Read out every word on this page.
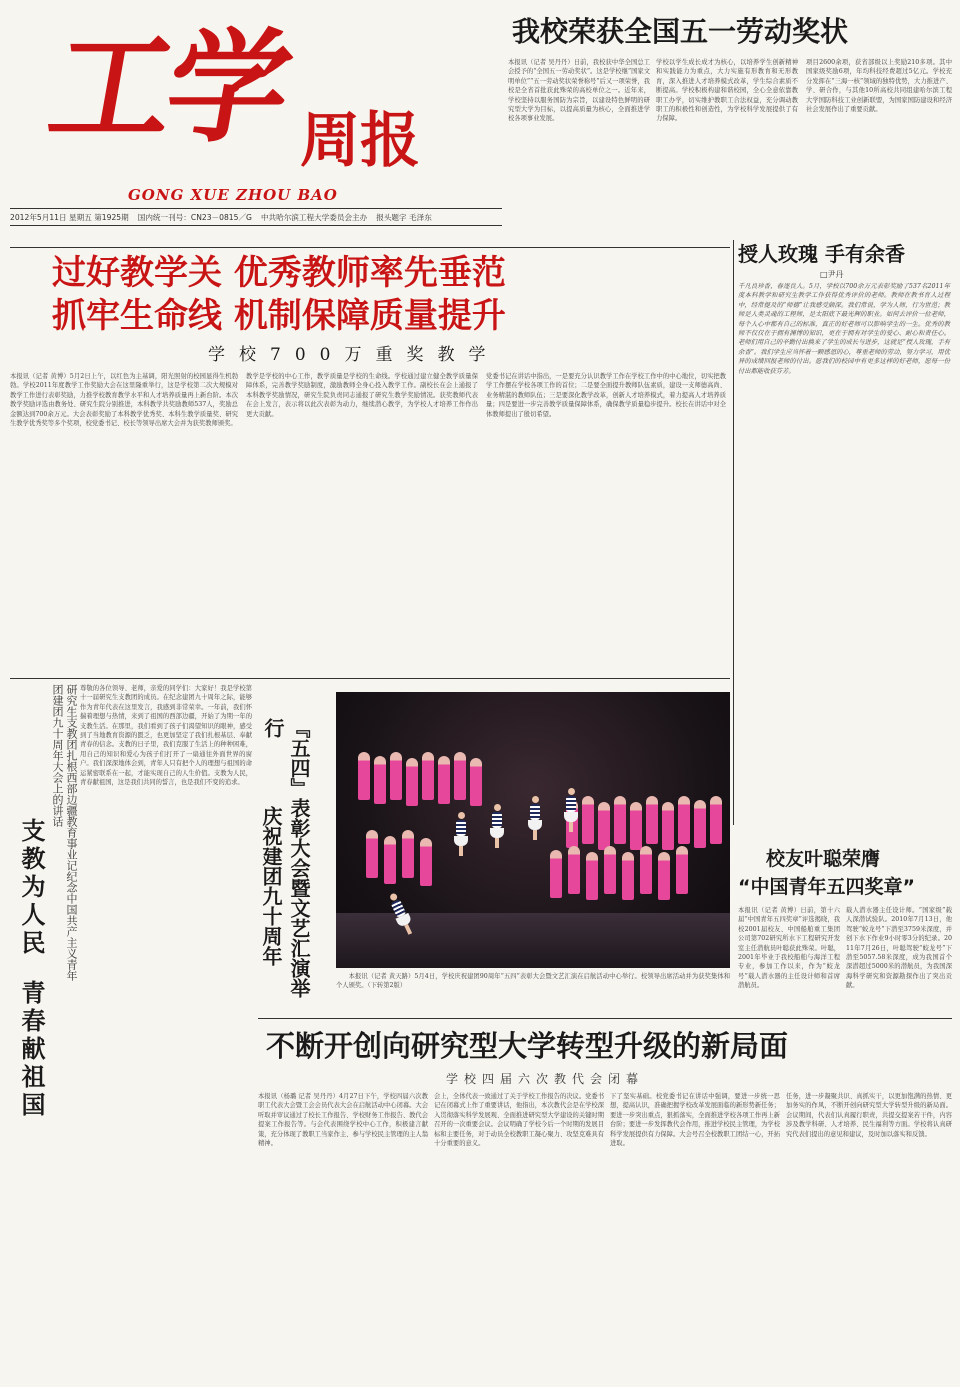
工学 周报
GONG XUE ZHOU BAO
2012年5月11日 星期五 第1925期 国内统一刊号：CN23－0815／G 中共哈尔滨工程大学委员会主办 报头题字 毛泽东
我校荣获全国五一劳动奖状
本报讯（记者 吴丹丹）日前，我校获中华全国总工会授予的“全国五一劳动奖状”。这是学校继“国家文明单位”“五一劳动奖状荣誉称号”后又一项荣誉，我校是全省首批获此殊荣的高校单位之一。近年来，学校坚持以服务国防为宗旨，以建设特色鲜明的研究型大学为目标，以提高质量为核心，全面推进学校各项事业发展。
学校以学生成长成才为核心，以培养学生创新精神和实践能力为重点，大力实施有形教育和无形教育，深入推进人才培养模式改革，学生综合素质不断提高。学校积极构建和谐校园，全心全意依靠教职工办学，切实维护教职工合法权益，充分调动教职工的积极性和创造性，为学校科学发展提供了有力保障。
项目2600余项，获省部级以上奖励210多项。其中国家级奖励6项，年均科技经费超过5亿元。学校充分发挥在“三海一核”领域的独特优势，大力推进产、学、研合作，与其他10所高校共同组建哈尔滨工程大学国防科技工业创新联盟，为国家国防建设和经济社会发展作出了重要贡献。
过好教学关 优秀教师率先垂范
抓牢生命线 机制保障质量提升
学校700万重奖教学
本报讯（记者 黄博）5月2日上午，以红色为主基调，阳光照射的校园显得生机勃勃。学校2011年度教学工作奖励大会在这里隆重举行，这是学校第二次大规模对教学工作进行表彰奖励，力推学校教育教学水平和人才培养质量再上新台阶。本次教学奖励评选由教务处、研究生院分别推进，本科教学共奖励教师537人，奖励总金额达到700余万元。大会表彰奖励了本科教学优秀奖、本科生教学质量奖、研究生教学优秀奖等多个奖项，校党委书记、校长等领导出席大会并为获奖教师颁奖。
教学是学校的中心工作，教学质量是学校的生命线。学校通过建立健全教学质量保障体系，完善教学奖励制度，激励教师全身心投入教学工作。副校长在会上通报了本科教学奖励情况，研究生院负责同志通报了研究生教学奖励情况。获奖教师代表在会上发言，表示将以此次表彰为动力，继续潜心教学，为学校人才培养工作作出更大贡献。
党委书记在讲话中指出，一是要充分认识教学工作在学校工作中的中心地位，切实把教学工作摆在学校各项工作的首位；二是要全面提升教师队伍素质，建设一支师德高尚、业务精湛的教师队伍；三是要深化教学改革，创新人才培养模式，着力提高人才培养质量；四是要进一步完善教学质量保障体系，确保教学质量稳步提升。校长在讲话中对全体教师提出了殷切希望。
授人玫瑰 手有余香
□尹丹
千凡良珍香，春逐良人。5月，学校以700余万元表彰奖励了537名2011年度本科教学和研究生教学工作获得优秀评价的老师。教师在教书育人过程中，经常提及的“师德”让我感受颇深。我们常说，学为人师，行为世范；教师是人类灵魂的工程师，是太阳底下最光辉的职业。如何去评价一位老师，每个人心中都有自己的标准，真正的好老师可以影响学生的一生。优秀的教师不仅仅在于拥有渊博的知识，更在于拥有对学生的爱心、耐心和责任心。老师们用自己的辛勤付出换来了学生的成长与进步，这就是“授人玫瑰，手有余香”。我们学生应当怀着一颗感恩的心，尊重老师的劳动，努力学习，用优异的成绩回报老师的付出。愿我们的校园中有更多这样的好老师，愿每一份付出都能收获芬芳。
研究生支教团扎根西部边疆教育事业记纪念中国共产主义青年团建团九十周年大会上的讲话
支教为人民
青春献祖国
尊敬的各位领导、老师，亲爱的同学们：大家好！我是学校第十一届研究生支教团的成员。在纪念建团九十周年之际，能够作为青年代表在这里发言，我感到非常荣幸。一年前，我们怀揣着理想与热情，来到了祖国的西部边疆，开始了为期一年的支教生活。在那里，我们看到了孩子们渴望知识的眼神，感受到了当地教育资源的匮乏，也更加坚定了我们扎根基层、奉献青春的信念。支教的日子里，我们克服了生活上的种种困难，用自己的知识和爱心为孩子们打开了一扇通往外面世界的窗户。我们深深地体会到，青年人只有把个人的理想与祖国的命运紧密联系在一起，才能实现自己的人生价值。支教为人民，青春献祖国，这是我们共同的誓言，也是我们不变的追求。	『五四』表彰大会暨文艺汇演举行
庆祝建团九十周年
本报讯（记者 黄天路）5月4日，学校庆祝建团90周年“五四”表彰大会暨文艺汇演在启航活动中心举行。校领导出席活动并为获奖集体和个人颁奖。（下转第2版）
校友叶聪荣膺
“中国青年五四奖章”
本报讯（记者 黄博）日前，第十六届“中国青年五四奖章”评选揭晓，我校2001届校友、中国船舶重工集团公司第702研究所水下工程研究开发室主任潜航员叶聪获此殊荣。叶聪，2001年毕业于我校船舶与海洋工程专业，参加工作以来，作为“蛟龙号”载人潜水器的主任设计师和首席潜航员。
载人潜水器主任设计师。“国家级”载人深潜试验队。2010年7月13日，他驾驶“蛟龙号”下潜至3759米深度，并创下水下作业9小时零3分的纪录。2011年7月26日，叶聪驾驶“蛟龙号”下潜至5057.58米深度，成为我国首个深潜超过5000米的潜航员，为我国深海科学研究和资源勘探作出了突出贡献。
不断开创向研究型大学转型升级的新局面
学校四届六次教代会闭幕
本报讯（杨璐 记者 吴丹丹）4月27日下午，学校四届六次教职工代表大会暨工会会员代表大会在启航活动中心闭幕。大会听取并审议通过了校长工作报告、学校财务工作报告、教代会提案工作报告等。与会代表围绕学校中心工作，积极建言献策，充分体现了教职工当家作主、参与学校民主管理的主人翁精神。
会上，全体代表一致通过了关于学校工作报告的决议。党委书记在闭幕式上作了重要讲话，他指出，本次教代会是在学校深入贯彻落实科学发展观、全面推进研究型大学建设的关键时期召开的一次重要会议。会议明确了学校今后一个时期的发展目标和主要任务，对于动员全校教职工凝心聚力、攻坚克难具有十分重要的意义。
下了坚实基础。校党委书记在讲话中强调，要进一步统一思想，提高认识，准确把握学校改革发展面临的新形势新任务；要进一步突出重点，狠抓落实，全面推进学校各项工作再上新台阶；要进一步发挥教代会作用，推进学校民主管理，为学校科学发展提供有力保障。大会号召全校教职工团结一心，开拓进取。
任务，进一步凝聚共识、真抓实干，以更加饱满的热情、更加务实的作风，不断开创向研究型大学转型升级的新局面。会议期间，代表们认真履行职责，共提交提案若干件，内容涉及教学科研、人才培养、民生福利等方面。学校将认真研究代表们提出的意见和建议，及时加以落实和反馈。
